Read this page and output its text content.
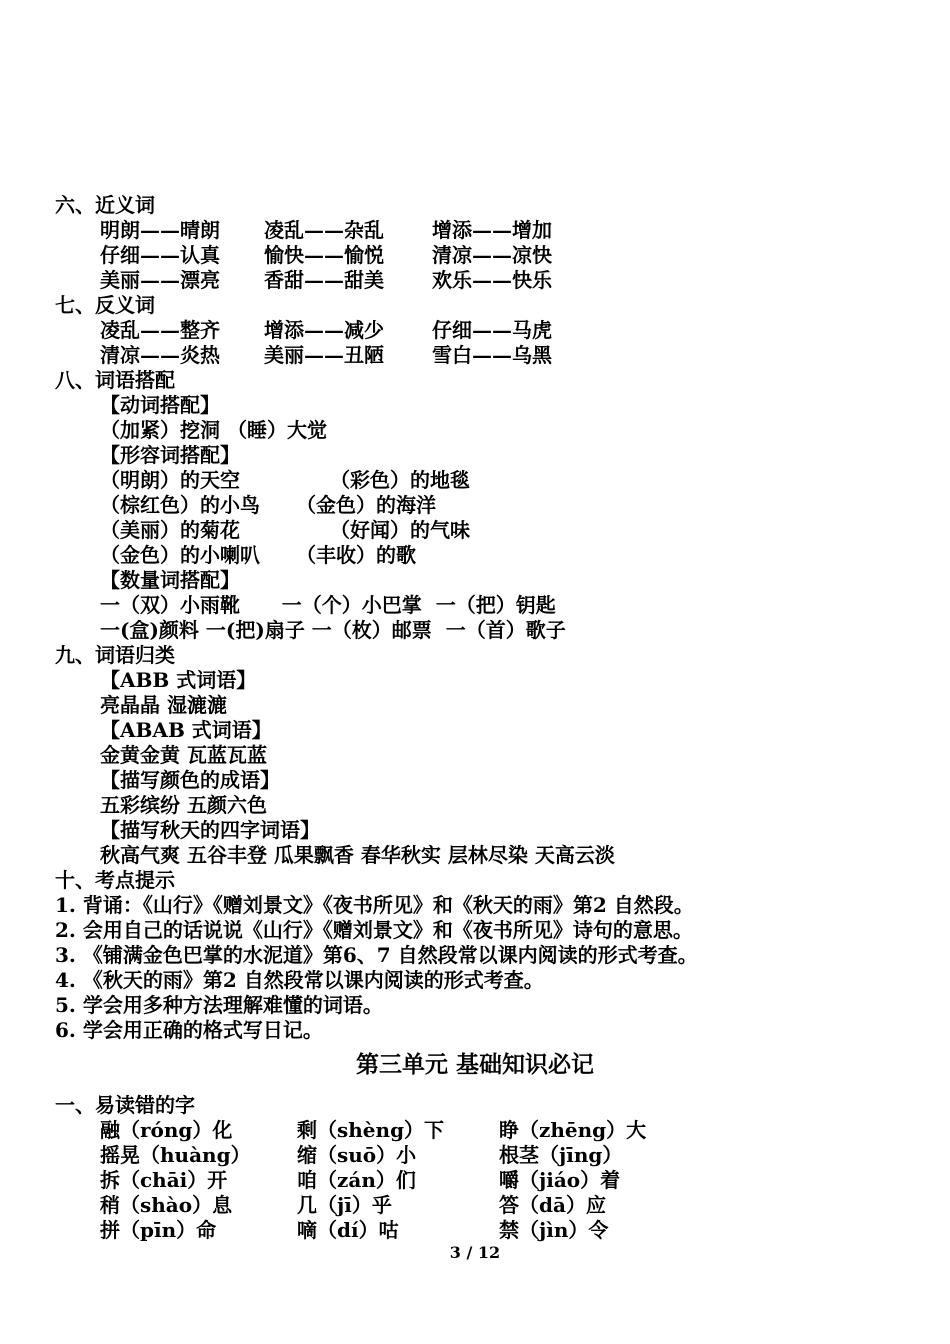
六、近义词
明朗——晴朗 凌乱——杂乱 增添——增加
仔细——认真 愉快——愉悦 清凉——凉快
美丽——漂亮 香甜——甜美 欢乐——快乐
七、反义词
凌乱——整齐 增添——减少 仔细——马虎
清凉——炎热 美丽——丑陋 雪白——乌黑
八、词语搭配
【动词搭配】
（加紧）挖洞 （睡）大觉
【形容词搭配】
（明朗）的天空	（彩色）的地毯
（棕红色）的小鸟 （金色）的海洋
（美丽）的菊花	（好闻）的气味
（金色）的小喇叭 （丰收）的歌
【数量词搭配】
一（双）小雨靴      一（个）小巴掌  一（把）钥匙
一(盒)颜料 一(把)扇子 一（枚）邮票  一（首）歌子
九、词语归类
【ABB 式词语】
亮晶晶 湿漉漉
【ABAB 式词语】
金黄金黄 瓦蓝瓦蓝
【描写颜色的成语】
五彩缤纷 五颜六色
【描写秋天的四字词语】
秋高气爽 五谷丰登 瓜果飘香 春华秋实 层林尽染 天高云淡
十、考点提示
1. 背诵：《山行》《赠刘景文》《夜书所见》和《秋天的雨》第2 自然段。
2. 会用自己的话说说《山行》《赠刘景文》和《夜书所见》诗句的意思。
3. 《铺满金色巴掌的水泥道》第6、7 自然段常以课内阅读的形式考查。
4. 《秋天的雨》第2 自然段常以课内阅读的形式考查。
5. 学会用多种方法理解难懂的词语。
6. 学会用正确的格式写日记。
第三单元 基础知识必记
一、易读错的字
融（róng）化	剩（shèng）下	睁（zhēng）大
摇晃（huàng） 缩（suō）小	根茎（jīng）
拆（chāi）开	咱（zán）们	嚼（jiáo）着
稍（shào）息	几（jī）乎	答（dā）应
拼（pīn）命	嘀（dí）咕	禁（jìn）令
3 / 12
